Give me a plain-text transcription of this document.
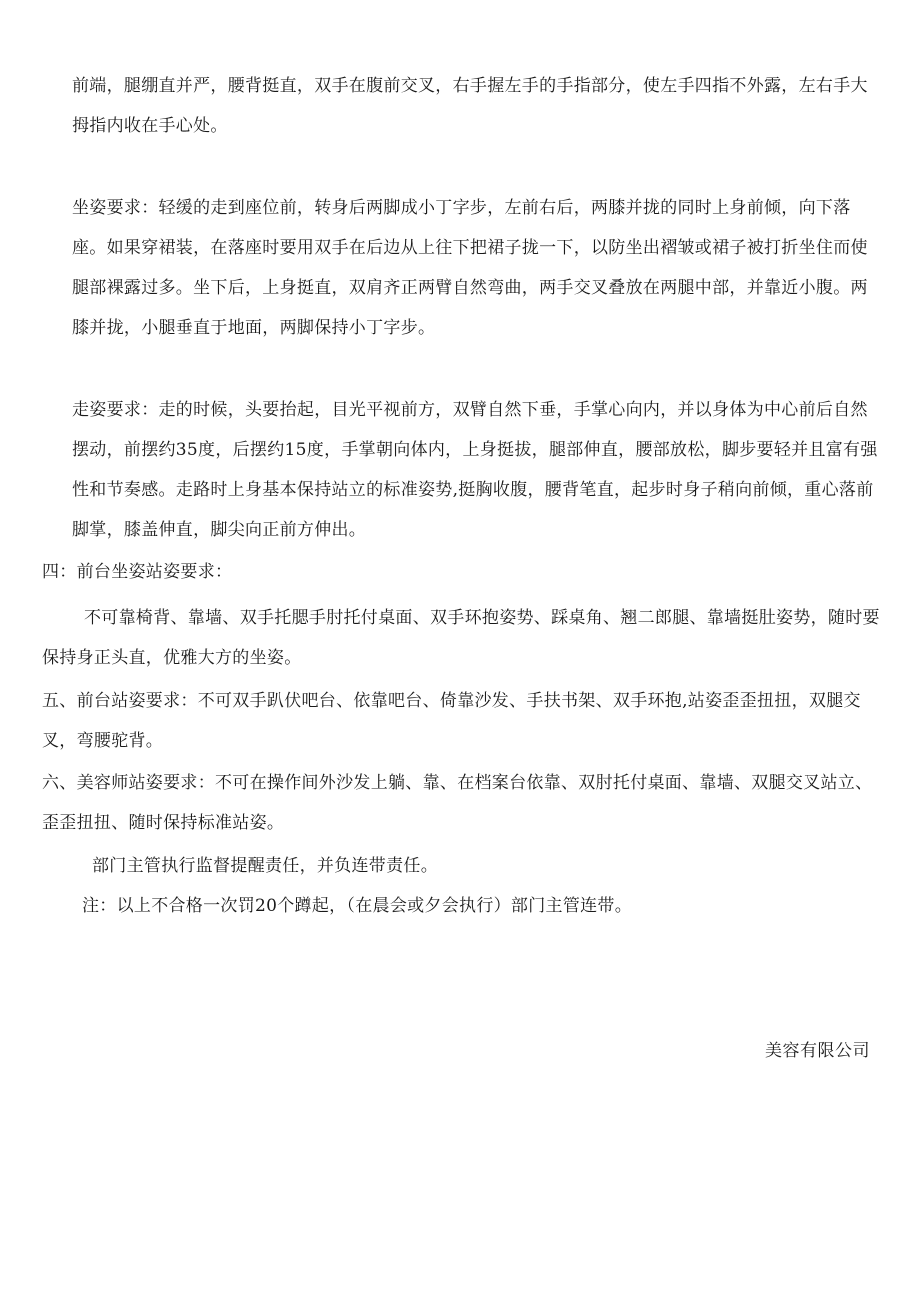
前端，腿绷直并严，腰背挺直，双手在腹前交叉，右手握左手的手指部分，使左手四指不外露，左右手大拇指内收在手心处。

坐姿要求：轻缓的走到座位前，转身后两脚成小丁字步，左前右后，两膝并拢的同时上身前倾，向下落座。如果穿裙装，在落座时要用双手在后边从上往下把裙子拢一下，以防坐出褶皱或裙子被打折坐住而使腿部裸露过多。坐下后，上身挺直，双肩齐正两臂自然弯曲，两手交叉叠放在两腿中部，并靠近小腹。两膝并拢，小腿垂直于地面，两脚保持小丁字步。

走姿要求：走的时候，头要抬起，目光平视前方，双臂自然下垂，手掌心向内，并以身体为中心前后自然摆动，前摆约35度，后摆约15度，手掌朝向体内，上身挺拔，腿部伸直，腰部放松，脚步要轻并且富有强性和节奏感。走路时上身基本保持站立的标准姿势,挺胸收腹，腰背笔直，起步时身子稍向前倾，重心落前脚掌，膝盖伸直，脚尖向正前方伸出。

四：前台坐姿站姿要求：

不可靠椅背、靠墙、双手托腮手肘托付桌面、双手环抱姿势、踩桌角、翘二郎腿、靠墙挺肚姿势，随时要保持身正头直，优雅大方的坐姿。

五、前台站姿要求：不可双手趴伏吧台、依靠吧台、倚靠沙发、手扶书架、双手环抱,站姿歪歪扭扭，双腿交叉，弯腰驼背。

六、美容师站姿要求：不可在操作间外沙发上躺、靠、在档案台依靠、双肘托付桌面、靠墙、双腿交叉站立、歪歪扭扭、随时保持标准站姿。

部门主管执行监督提醒责任，并负连带责任。

注：以上不合格一次罚20个蹲起，（在晨会或夕会执行）部门主管连带。

美容有限公司
